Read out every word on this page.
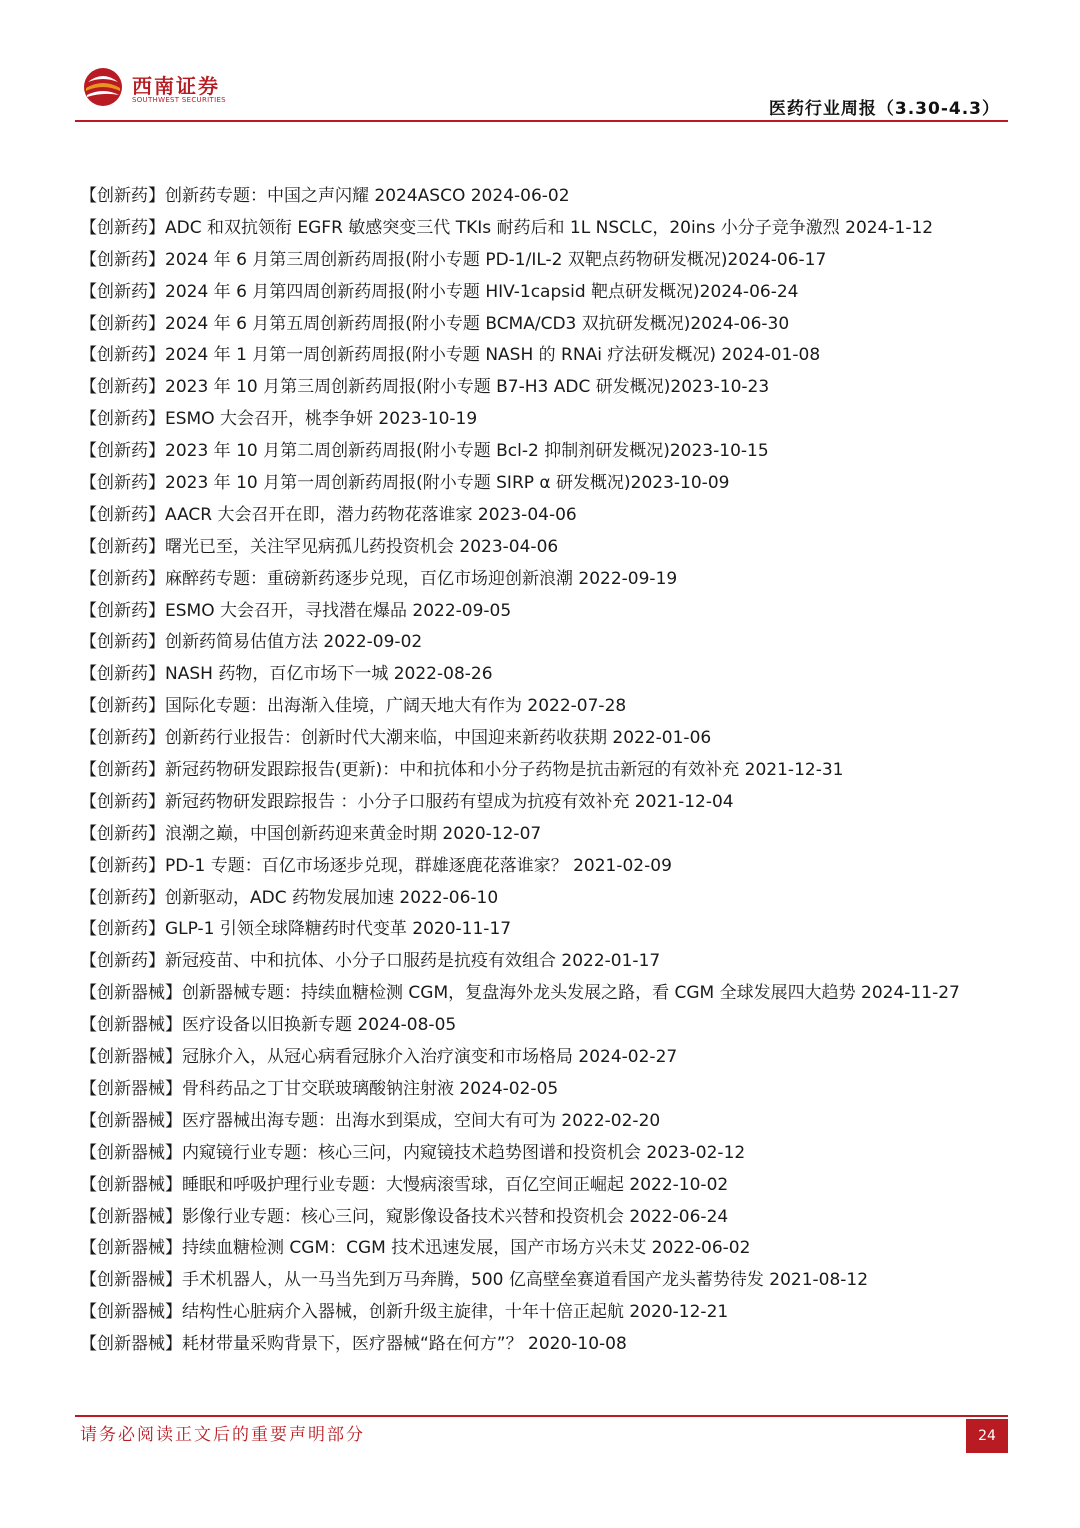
西南证券
SOUTHWEST SECURITIES	医药行业周报（3.30-4.3）
【创新药】创新药专题：中国之声闪耀 2024ASCO 2024-06-02
【创新药】ADC 和双抗领衔 EGFR 敏感突变三代 TKIs 耐药后和 1L NSCLC，20ins 小分子竞争激烈 2024-1-12
【创新药】2024 年 6 月第三周创新药周报(附小专题 PD-1/IL-2 双靶点药物研发概况)2024-06-17
【创新药】2024 年 6 月第四周创新药周报(附小专题 HIV-1capsid 靶点研发概况)2024-06-24
【创新药】2024 年 6 月第五周创新药周报(附小专题 BCMA/CD3 双抗研发概况)2024-06-30
【创新药】2024 年 1 月第一周创新药周报(附小专题 NASH 的 RNAi 疗法研发概况) 2024-01-08
【创新药】2023 年 10 月第三周创新药周报(附小专题 B7-H3 ADC 研发概况)2023-10-23
【创新药】ESMO 大会召开，桃李争妍 2023-10-19
【创新药】2023 年 10 月第二周创新药周报(附小专题 Bcl-2 抑制剂研发概况)2023-10-15
【创新药】2023 年 10 月第一周创新药周报(附小专题 SIRP α 研发概况)2023-10-09
【创新药】AACR 大会召开在即，潜力药物花落谁家 2023-04-06
【创新药】曙光已至，关注罕见病孤儿药投资机会 2023-04-06
【创新药】麻醉药专题：重磅新药逐步兑现，百亿市场迎创新浪潮 2022-09-19
【创新药】ESMO 大会召开，寻找潜在爆品 2022-09-05
【创新药】创新药简易估值方法 2022-09-02
【创新药】NASH 药物，百亿市场下一城 2022-08-26
【创新药】国际化专题：出海渐入佳境，广阔天地大有作为 2022-07-28
【创新药】创新药行业报告：创新时代大潮来临，中国迎来新药收获期 2022-01-06
【创新药】新冠药物研发跟踪报告(更新)：中和抗体和小分子药物是抗击新冠的有效补充 2021-12-31
【创新药】新冠药物研发跟踪报告 ：小分子口服药有望成为抗疫有效补充 2021-12-04
【创新药】浪潮之巅，中国创新药迎来黄金时期 2020-12-07
【创新药】PD-1 专题：百亿市场逐步兑现，群雄逐鹿花落谁家？ 2021-02-09
【创新药】创新驱动，ADC 药物发展加速 2022-06-10
【创新药】GLP-1 引领全球降糖药时代变革 2020-11-17
【创新药】新冠疫苗、中和抗体、小分子口服药是抗疫有效组合 2022-01-17
【创新器械】创新器械专题：持续血糖检测 CGM，复盘海外龙头发展之路，看 CGM 全球发展四大趋势 2024-11-27
【创新器械】医疗设备以旧换新专题 2024-08-05
【创新器械】冠脉介入，从冠心病看冠脉介入治疗演变和市场格局 2024-02-27
【创新器械】骨科药品之丁甘交联玻璃酸钠注射液 2024-02-05
【创新器械】医疗器械出海专题：出海水到渠成，空间大有可为 2022-02-20
【创新器械】内窥镜行业专题：核心三问，内窥镜技术趋势图谱和投资机会 2023-02-12
【创新器械】睡眠和呼吸护理行业专题：大慢病滚雪球，百亿空间正崛起 2022-10-02
【创新器械】影像行业专题：核心三问，窥影像设备技术兴替和投资机会 2022-06-24
【创新器械】持续血糖检测 CGM：CGM 技术迅速发展，国产市场方兴未艾 2022-06-02
【创新器械】手术机器人，从一马当先到万马奔腾，500 亿高壁垒赛道看国产龙头蓄势待发 2021-08-12
【创新器械】结构性心脏病介入器械，创新升级主旋律，十年十倍正起航 2020-12-21
【创新器械】耗材带量采购背景下，医疗器械“路在何方”？ 2020-10-08
请务必阅读正文后的重要声明部分	24
